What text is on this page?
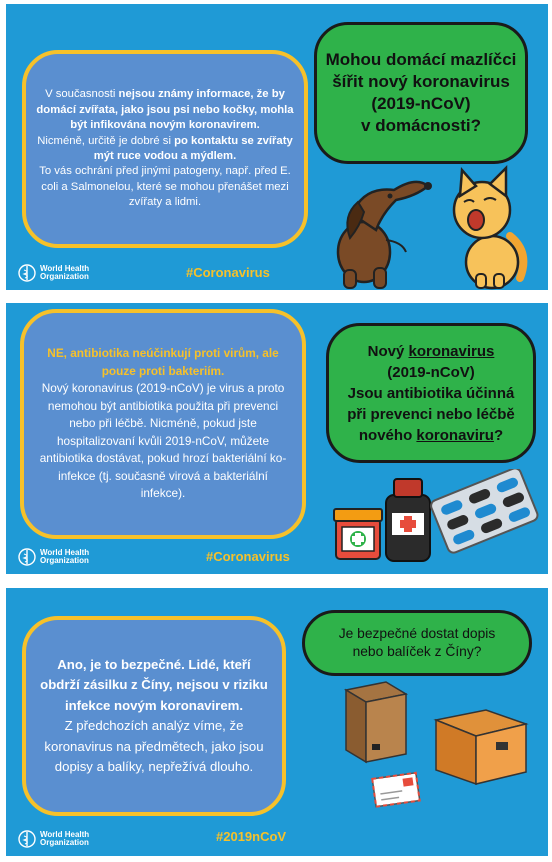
V současnosti nejsou známy informace, že by domácí zvířata, jako jsou psi nebo kočky, mohla být infikována novým koronavirem.
Nicméně, určitě je dobré si po kontaktu se zvířaty mýt ruce vodou a mýdlem.
To vás ochrání před jinými patogeny, např. před E. coli a Salmonelou, které se mohou přenášet mezi zvířaty a lidmi.
Mohou domácí mazlíčci
šířit nový koronavirus
(2019-nCoV)
v domácnosti?
World Health
Organization	#Coronavirus
NE, antibiotika neúčinkují proti virům, ale pouze proti bakteriím.
Nový koronavirus (2019-nCoV) je virus a proto nemohou být antibiotika použita při prevenci nebo při léčbě. Nicméně, pokud jste hospitalizovaní kvůli 2019-nCoV, můžete antibiotika dostávat, pokud hrozí bakteriální ko-infekce (tj. současně virová a bakteriální infekce).
Nový koronavirus
(2019-nCoV)
Jsou antibiotika účinná
při prevenci nebo léčbě
nového koronaviru?
World Health
Organization	#Coronavirus
Ano, je to bezpečné. Lidé, kteří obdrží zásilku z Číny, nejsou v riziku infekce novým koronavirem.
Z předchozích analýz víme, že koronavirus na předmětech, jako jsou dopisy a balíky, nepřežívá dlouho.
Je bezpečné dostat dopis
nebo balíček z Číny?
World Health
Organization	#2019nCoV
